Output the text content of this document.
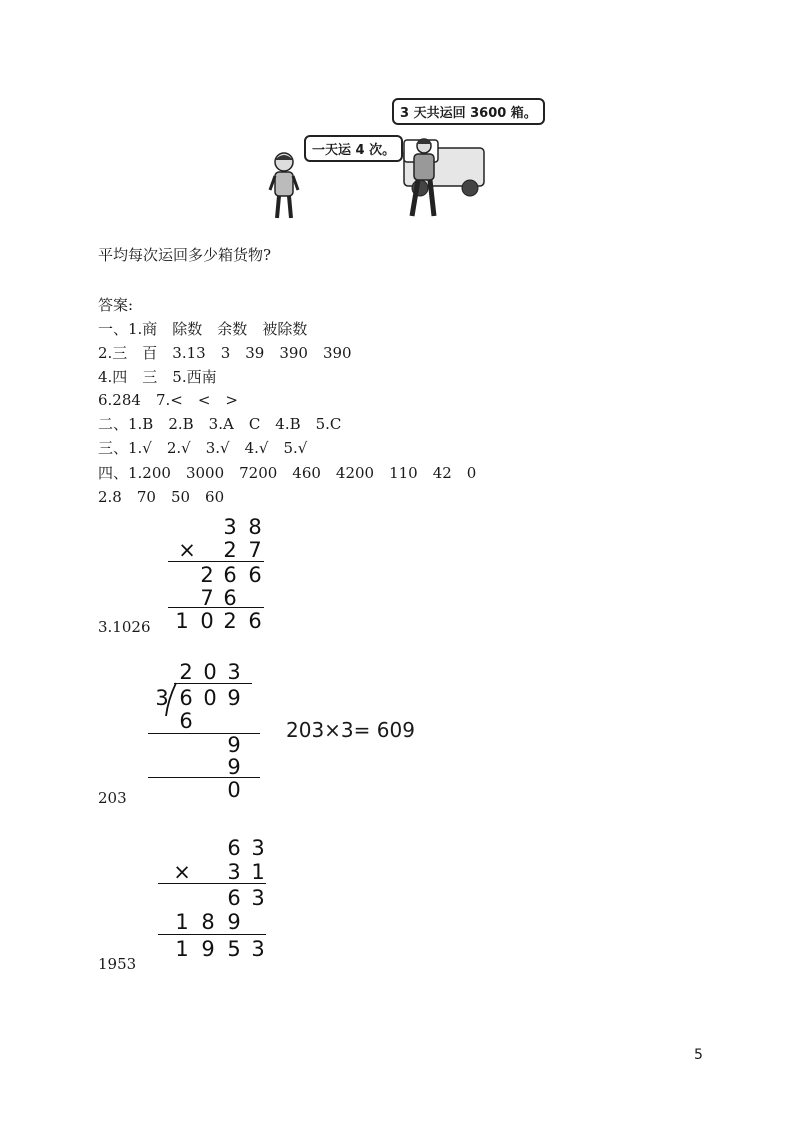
一天运 4 次。
3 天共运回 3600 箱。
平均每次运回多少箱货物?
答案:
一、1.商　除数　余数　被除数
2.三　百　3.13　3　39　390　390
4.四　三　5.西南
6.284　7.<　<　>
二、1.B　2.B　3.A　C　4.B　5.C
三、1.√　2.√　3.√　4.√　5.√
四、1.200　3000　7200　460　4200　110　42　0
2.8　70　50　60
3 8
× 2 7
2 6 6
7 6
1 0 2 6
3.1026
2 0 3
3 6 0 9
6
9
9
0
203×3= 609
203
6 3
× 3 1
6 3
1 8 9
1 9 5 3
1953
5
